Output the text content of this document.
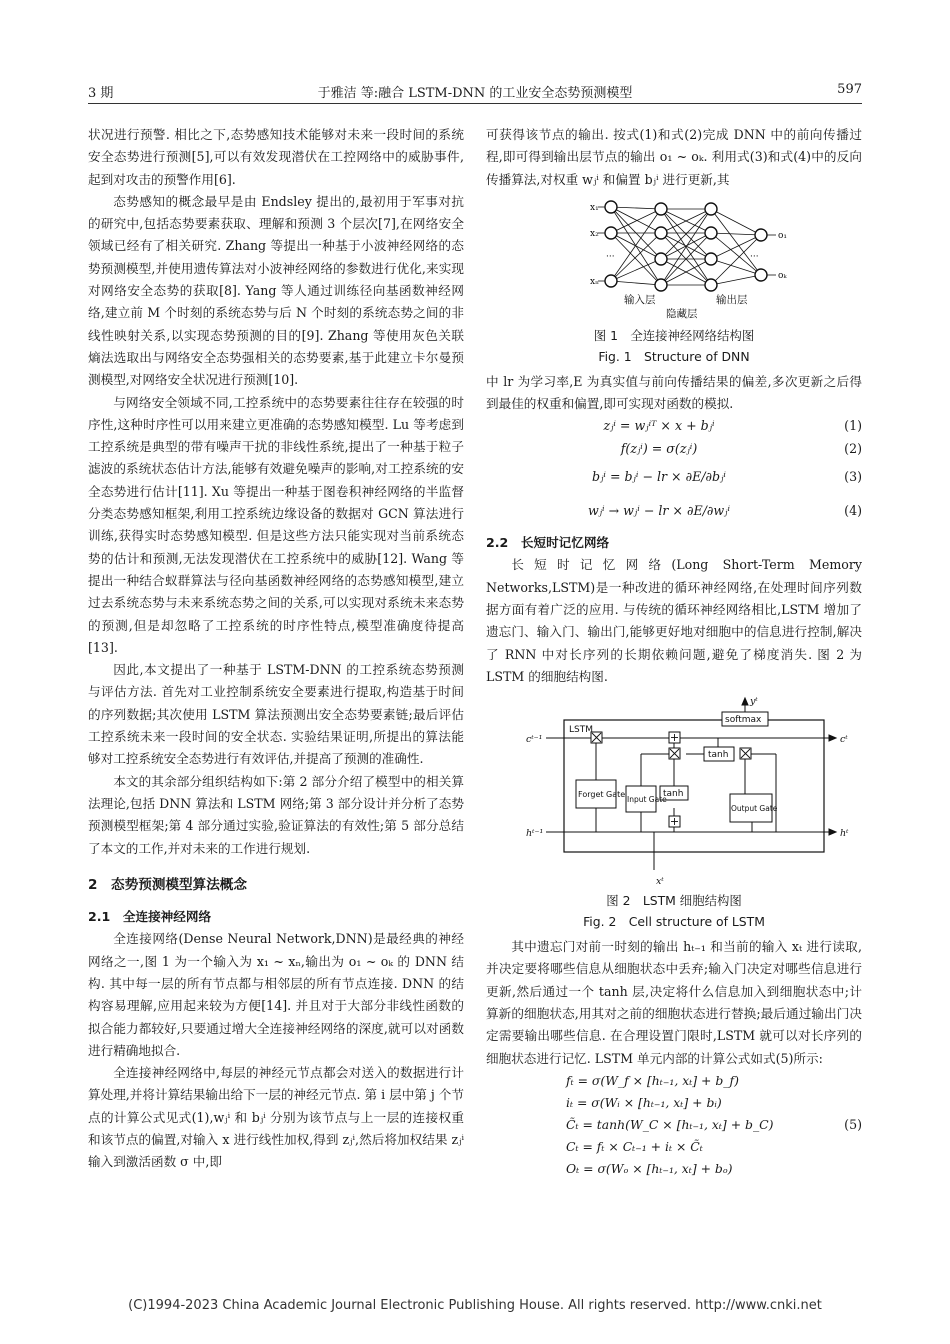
3 期	于雅洁 等:融合 LSTM-DNN 的工业安全态势预测模型	597

状况进行预警. 相比之下,态势感知技术能够对未来一段时间的系统安全态势进行预测[5],可以有效发现潜伏在工控网络中的威胁事件,起到对攻击的预警作用[6].

态势感知的概念最早是由 Endsley 提出的,最初用于军事对抗的研究中,包括态势要素获取、理解和预测 3 个层次[7],在网络安全领域已经有了相关研究. Zhang 等提出一种基于小波神经网络的态势预测模型,并使用遗传算法对小波神经网络的参数进行优化,来实现对网络安全态势的获取[8]. Yang 等人通过训练径向基函数神经网络,建立前 M 个时刻的系统态势与后 N 个时刻的系统态势之间的非线性映射关系,以实现态势预测的目的[9]. Zhang 等使用灰色关联熵法选取出与网络安全态势强相关的态势要素,基于此建立卡尔曼预测模型,对网络安全状况进行预测[10].

与网络安全领域不同,工控系统中的态势要素往往存在较强的时序性,这种时序性可以用来建立更准确的态势感知模型. Lu 等考虑到工控系统是典型的带有噪声干扰的非线性系统,提出了一种基于粒子滤波的系统状态估计方法,能够有效避免噪声的影响,对工控系统的安全态势进行估计[11]. Xu 等提出一种基于图卷积神经网络的半监督分类态势感知框架,利用工控系统边缘设备的数据对 GCN 算法进行训练,获得实时态势感知模型. 但是这些方法只能实现对当前系统态势的估计和预测,无法发现潜伏在工控系统中的威胁[12]. Wang 等提出一种结合蚁群算法与径向基函数神经网络的态势感知模型,建立过去系统态势与未来系统态势之间的关系,可以实现对系统未来态势的预测,但是却忽略了工控系统的时序性特点,模型准确度待提高[13].

因此,本文提出了一种基于 LSTM-DNN 的工控系统态势预测与评估方法. 首先对工业控制系统安全要素进行提取,构造基于时间的序列数据;其次使用 LSTM 算法预测出安全态势要素链;最后评估工控系统未来一段时间的安全状态. 实验结果证明,所提出的算法能够对工控系统安全态势进行有效评估,并提高了预测的准确性.

本文的其余部分组织结构如下:第 2 部分介绍了模型中的相关算法理论,包括 DNN 算法和 LSTM 网络;第 3 部分设计并分析了态势预测模型框架;第 4 部分通过实验,验证算法的有效性;第 5 部分总结了本文的工作,并对未来的工作进行规划.

2　态势预测模型算法概念
2.1　全连接神经网络

全连接网络(Dense Neural Network,DNN)是最经典的神经网络之一,图 1 为一个输入为 x₁ ~ xₙ,输出为 o₁ ~ oₖ 的 DNN 结构. 其中每一层的所有节点都与相邻层的所有节点连接. DNN 的结构容易理解,应用起来较为方便[14]. 并且对于大部分非线性函数的拟合能力都较好,只要通过增大全连接神经网络的深度,就可以对函数进行精确地拟合.

全连接神经网络中,每层的神经元节点都会对送入的数据进行计算处理,并将计算结果输出给下一层的神经元节点. 第 i 层中第 j 个节点的计算公式见式(1),wⱼⁱ 和 bⱼⁱ 分别为该节点与上一层的连接权重和该节点的偏置,对输入 x 进行线性加权,得到 zⱼⁱ,然后将加权结果 zⱼⁱ 输入到激活函数 σ 中,即

可获得该节点的输出. 按式(1)和式(2)完成 DNN 中的前向传播过程,即可得到输出层节点的输出 o₁ ~ oₖ. 利用式(3)和式(4)中的反向传播算法,对权重 wⱼⁱ 和偏置 bⱼⁱ 进行更新,其

x₁
x₂
···
xₙ
···
o₁
oₖ
输入层
隐藏层
输出层
图 1　全连接神经网络结构图
Fig. 1　Structure of DNN

中 lr 为学习率,E 为真实值与前向传播结果的偏差,多次更新之后得到最佳的权重和偏置,即可实现对函数的模拟.

zⱼⁱ = wⱼⁱᵀ × x + bⱼⁱ	(1)
f(zⱼⁱ) = σ(zⱼⁱ)	(2)
bⱼⁱ = bⱼⁱ − lr × ∂E/∂bⱼⁱ	(3)
wⱼⁱ → wⱼⁱ − lr × ∂E/∂wⱼⁱ	(4)
2.2　长短时记忆网络

长短时记忆网络(Long Short-Term Memory Networks,LSTM)是一种改进的循环神经网络,在处理时间序列数据方面有着广泛的应用. 与传统的循环神经网络相比,LSTM 增加了遗忘门、输入门、输出门,能够更好地对细胞中的信息进行控制,解决了 RNN 中对长序列的长期依赖问题,避免了梯度消失. 图 2 为 LSTM 的细胞结构图.

LSTM
softmax
Forget Gate
Input Gate
tanh
tanh
Output Gate
yᵗ
cᵗ⁻¹	cᵗ
hᵗ⁻¹	hᵗ
xᵗ
图 2　LSTM 细胞结构图
Fig. 2　Cell structure of LSTM

其中遗忘门对前一时刻的输出 hₜ₋₁ 和当前的输入 xₜ 进行读取,并决定要将哪些信息从细胞状态中丢弃;输入门决定对哪些信息进行更新,然后通过一个 tanh 层,决定将什么信息加入到细胞状态中;计算新的细胞状态,用其对之前的细胞状态进行替换;最后通过输出门决定需要输出哪些信息. 在合理设置门限时,LSTM 就可以对长序列的细胞状态进行记忆. LSTM 单元内部的计算公式如式(5)所示:

fₜ = σ(W_f × [hₜ₋₁, xₜ] + b_f)
iₜ = σ(Wᵢ × [hₜ₋₁, xₜ] + bᵢ)
C̃ₜ = tanh(W_C × [hₜ₋₁, xₜ] + b_C)
Cₜ = fₜ × Cₜ₋₁ + iₜ × C̃ₜ
Oₜ = σ(Wₒ × [hₜ₋₁, xₜ] + bₒ)
(5)
(C)1994-2023 China Academic Journal Electronic Publishing House. All rights reserved. http://www.cnki.net
